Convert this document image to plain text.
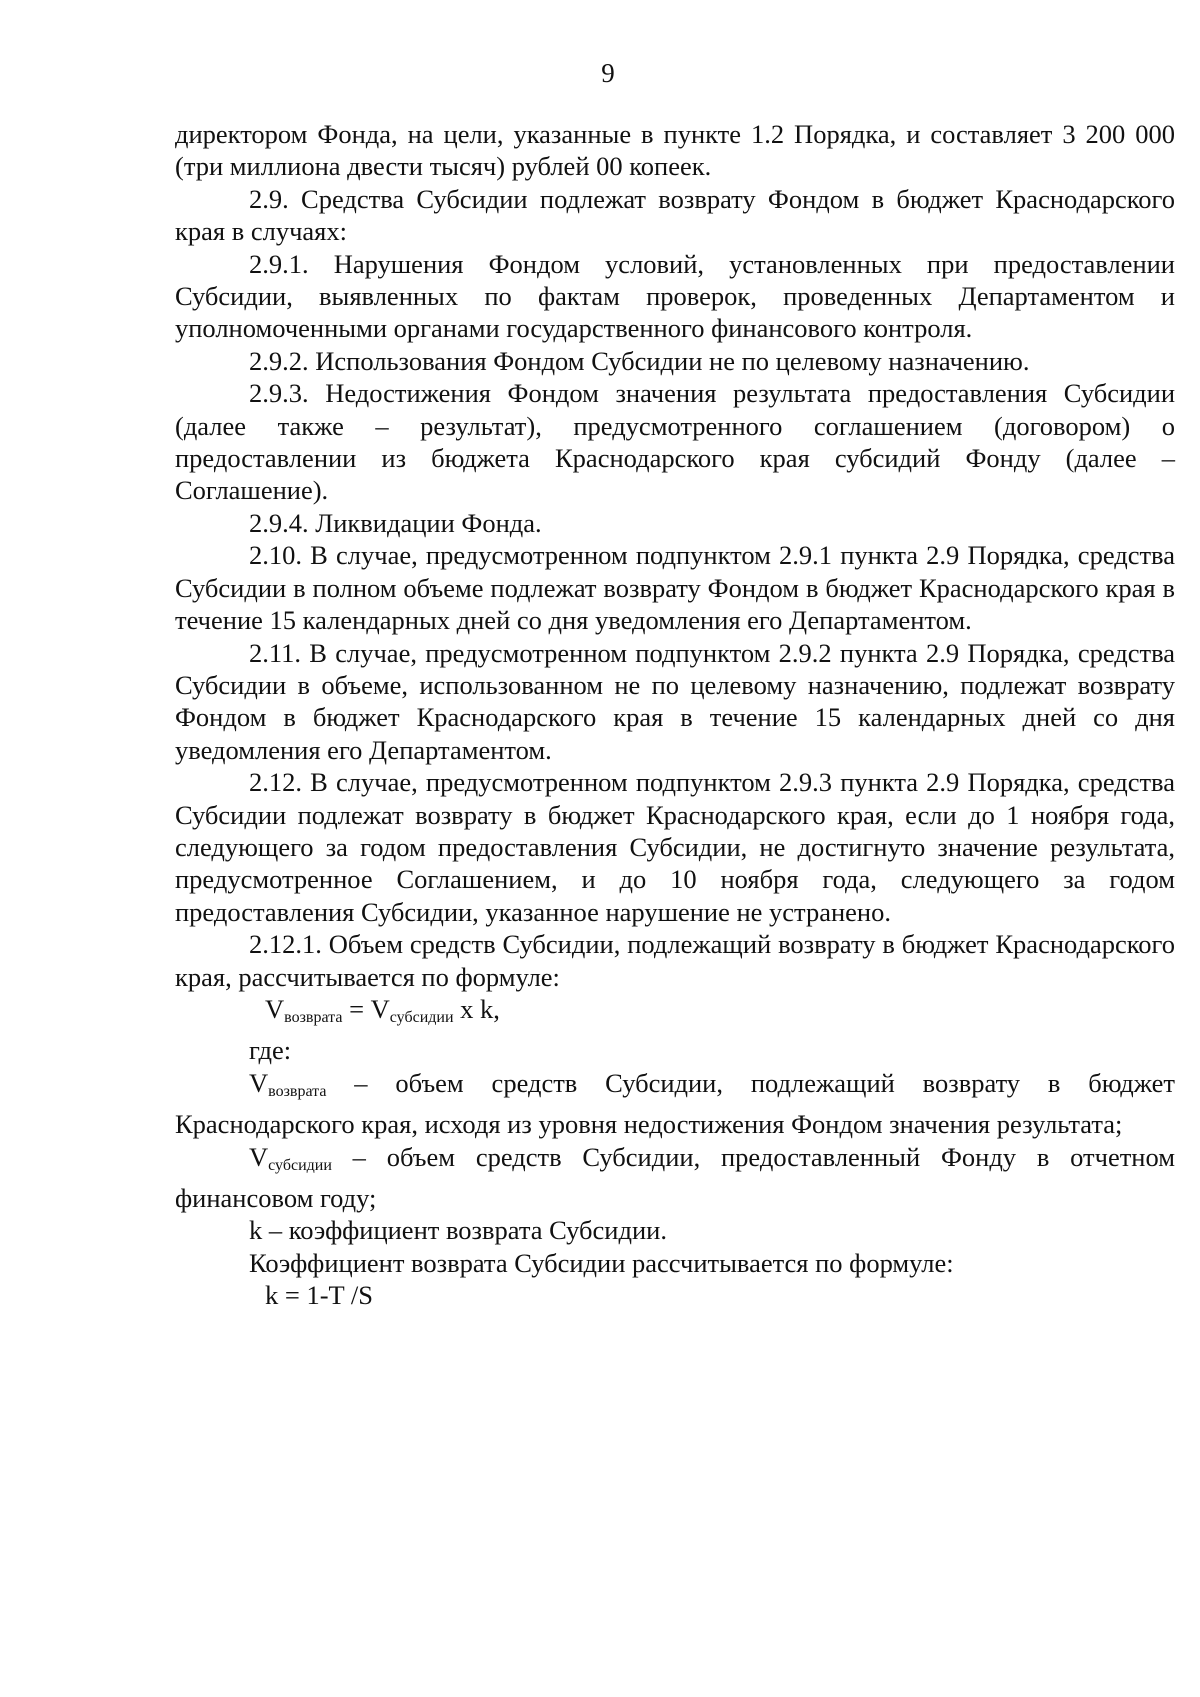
9

директором Фонда, на цели, указанные в пункте 1.2 Порядка, и составляет 3 200 000 (три миллиона двести тысяч) рублей 00 копеек.

2.9. Средства Субсидии подлежат возврату Фондом в бюджет Краснодарского края в случаях:

2.9.1. Нарушения Фондом условий, установленных при предоставлении Субсидии, выявленных по фактам проверок, проведенных Департаментом и уполномоченными органами государственного финансового контроля.

2.9.2. Использования Фондом Субсидии не по целевому назначению.

2.9.3. Недостижения Фондом значения результата предоставления Субсидии (далее также – результат), предусмотренного соглашением (договором) о предоставлении из бюджета Краснодарского края субсидий Фонду (далее – Соглашение).

2.9.4. Ликвидации Фонда.

2.10. В случае, предусмотренном подпунктом 2.9.1 пункта 2.9 Порядка, средства Субсидии в полном объеме подлежат возврату Фондом в бюджет Краснодарского края в течение 15 календарных дней со дня уведомления его Департаментом.

2.11. В случае, предусмотренном подпунктом 2.9.2 пункта 2.9 Порядка, средства Субсидии в объеме, использованном не по целевому назначению, подлежат возврату Фондом в бюджет Краснодарского края в течение 15 календарных дней со дня уведомления его Департаментом.

2.12. В случае, предусмотренном подпунктом 2.9.3 пункта 2.9 Порядка, средства Субсидии подлежат возврату в бюджет Краснодарского края, если до 1 ноября года, следующего за годом предоставления Субсидии, не достигнуто значение результата, предусмотренное Соглашением, и до 10 ноября года, следующего за годом предоставления Субсидии, указанное нарушение не устранено.

2.12.1. Объем средств Субсидии, подлежащий возврату в бюджет Краснодарского края, рассчитывается по формуле:

$V_{возврата} = V_{субсидии}$ x k,

где:

$V_{возврата}$ – объем средств Субсидии, подлежащий возврату в бюджет Краснодарского края, исходя из уровня недостижения Фондом значения результата;

$V_{субсидии}$ – объем средств Субсидии, предоставленный Фонду в отчетном финансовом году;

k – коэффициент возврата Субсидии.

Коэффициент возврата Субсидии рассчитывается по формуле:

k = 1-T /S
